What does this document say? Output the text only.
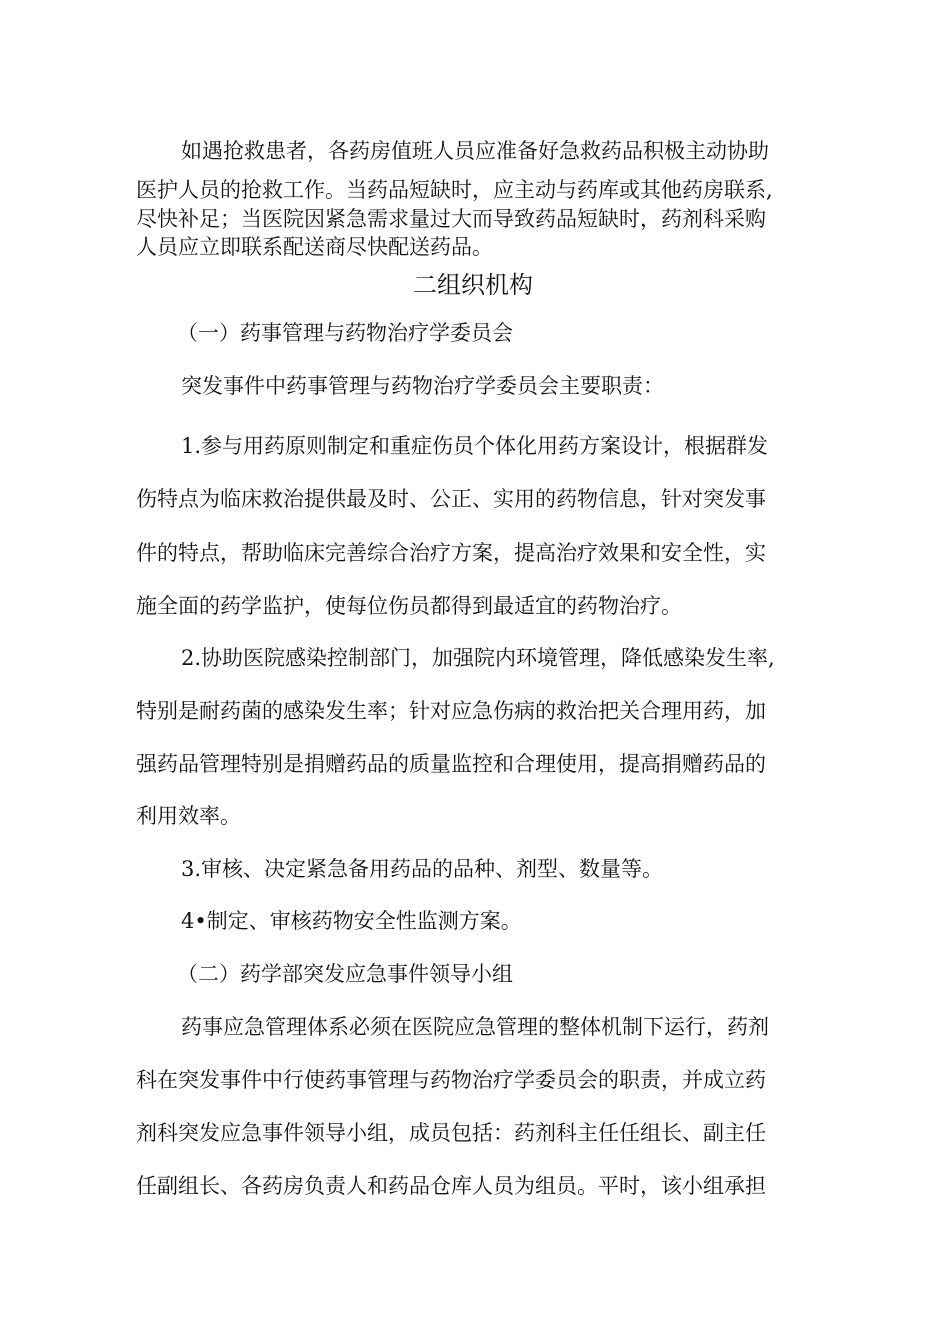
如遇抢救患者，各药房值班人员应准备好急救药品积极主动协助

医护人员的抢救工作。当药品短缺时，应主动与药库或其他药房联系,

尽快补足；当医院因紧急需求量过大而导致药品短缺时，药剂科采购

人员应立即联系配送商尽快配送药品。

二组织机构

（一）药事管理与药物治疗学委员会

突发事件中药事管理与药物治疗学委员会主要职责：

1.参与用药原则制定和重症伤员个体化用药方案设计，根据群发

伤特点为临床救治提供最及时、公正、实用的药物信息，针对突发事

件的特点，帮助临床完善综合治疗方案，提高治疗效果和安全性，实

施全面的药学监护，使每位伤员都得到最适宜的药物治疗。

2.协助医院感染控制部门，加强院内环境管理，降低感染发生率,

特别是耐药菌的感染发生率；针对应急伤病的救治把关合理用药，加

强药品管理特别是捐赠药品的质量监控和合理使用，提高捐赠药品的

利用效率。

3.审核、决定紧急备用药品的品种、剂型、数量等。

4•制定、审核药物安全性监测方案。

（二）药学部突发应急事件领导小组

药事应急管理体系必须在医院应急管理的整体机制下运行，药剂

科在突发事件中行使药事管理与药物治疗学委员会的职责，并成立药

剂科突发应急事件领导小组，成员包括：药剂科主任任组长、副主任

任副组长、各药房负责人和药品仓库人员为组员。平时，该小组承担
